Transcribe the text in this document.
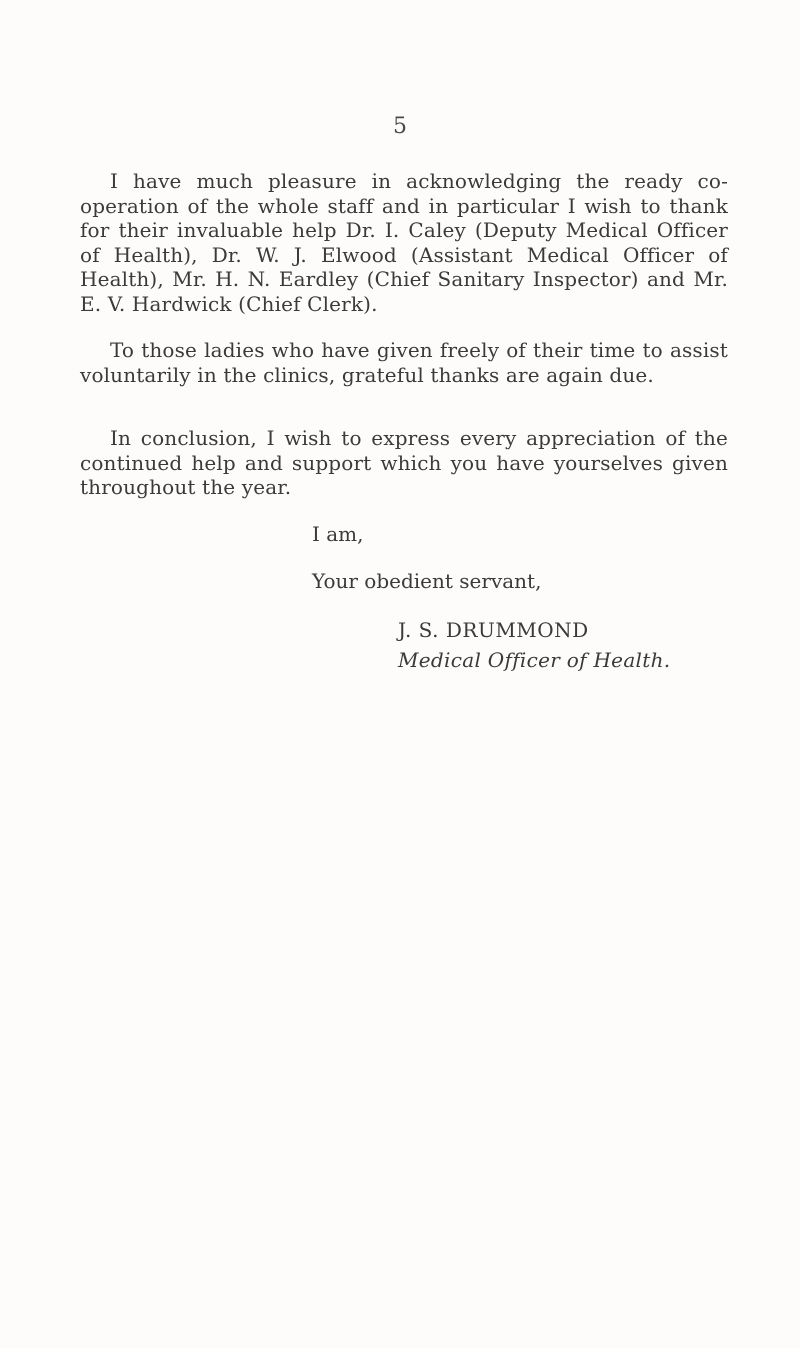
5

I have much pleasure in acknowledging the ready co-operation of the whole staff and in particular I wish to thank for their invaluable help Dr. I. Caley (Deputy Medical Officer of Health), Dr. W. J. Elwood (Assistant Medical Officer of Health), Mr. H. N. Eardley (Chief Sanitary Inspector) and Mr. E. V. Hardwick (Chief Clerk).

To those ladies who have given freely of their time to assist voluntarily in the clinics, grateful thanks are again due.

In conclusion, I wish to express every appreciation of the continued help and support which you have yourselves given throughout the year.

I am,
Your obedient servant,
J. S. DRUMMOND
Medical Officer of Health.
